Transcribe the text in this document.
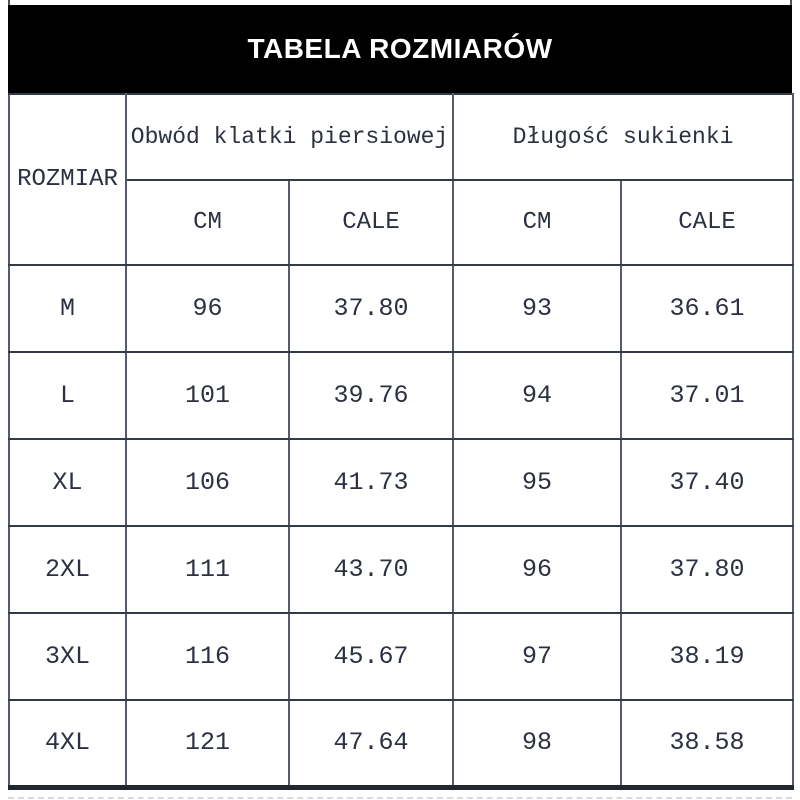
TABELA ROZMIARÓW
ROZMIAR	Obwód klatki piersiowej		Długość sukienki	
	CM	CALE	CM	CALE
M	96	37.80	93	36.61
L	101	39.76	94	37.01
XL	106	41.73	95	37.40
2XL	111	43.70	96	37.80
3XL	116	45.67	97	38.19
4XL	121	47.64	98	38.58
